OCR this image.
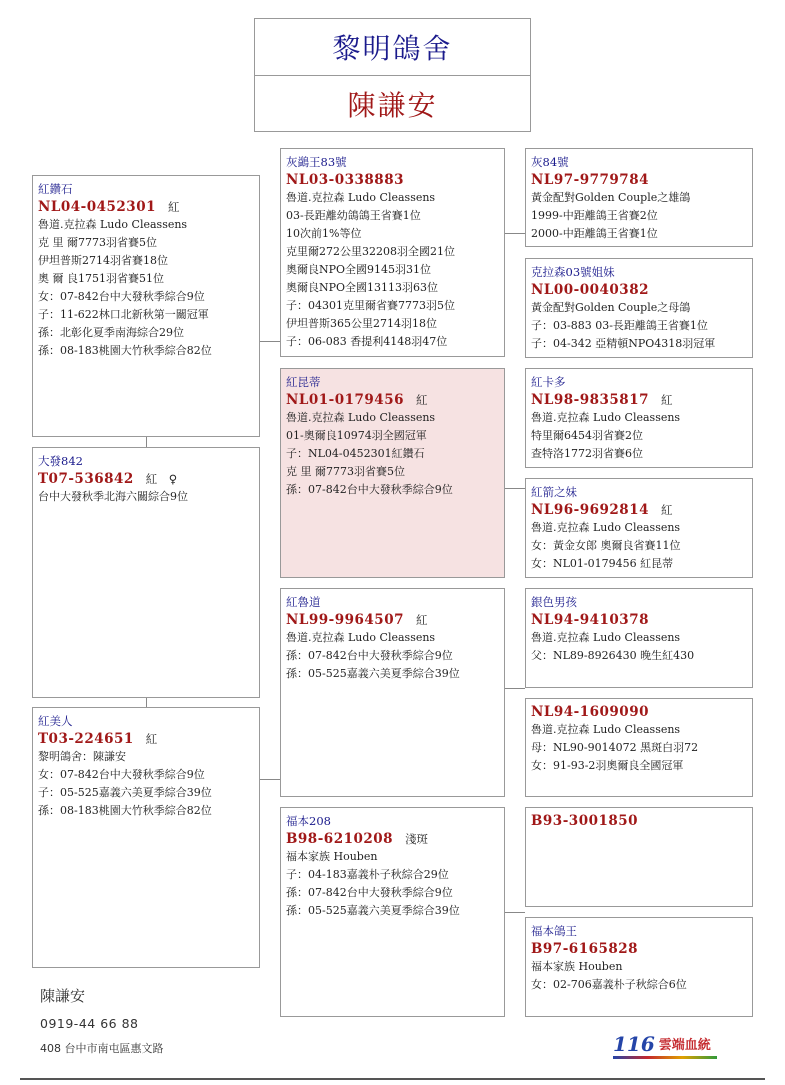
黎明鴿舍
陳謙安
紅鑽石
NL04-0452301 紅
魯道.克拉森 Ludo Cleassens
克 里 爾7773羽省賽5位
伊坦普斯2714羽省賽18位
奧 爾 良1751羽省賽51位
女：07-842台中大發秋季綜合9位
子：11-622林口北新秋第一關冠軍
孫：北彰化夏季南海綜合29位
孫：08-183桃園大竹秋季綜合82位
大發842
T07-536842 紅　♀
台中大發秋季北海六關綜合9位
紅美人
T03-224651 紅
黎明鴿舍：陳謙安
女：07-842台中大發秋季綜合9位
子：05-525嘉義六美夏季綜合39位
孫：08-183桃園大竹秋季綜合82位
灰鷁王83號
NL03-0338883
魯道.克拉森 Ludo Cleassens
03-長距離幼鴿鴿王省賽1位
10次前1%等位
克里爾272公里32208羽全國21位
奧爾良NPO全國9145羽31位
奧爾良NPO全國13113羽63位
子：04301克里爾省賽7773羽5位
伊坦普斯365公里2714羽18位
子：06-083 香提利4148羽47位
紅昆蒂
NL01-0179456 紅
魯道.克拉森 Ludo Cleassens
01-奧爾良10974羽全國冠軍
子：NL04-0452301紅鑽石
克 里 爾7773羽省賽5位
孫：07-842台中大發秋季綜合9位
紅魯道
NL99-9964507 紅
魯道.克拉森 Ludo Cleassens
孫：07-842台中大發秋季綜合9位
孫：05-525嘉義六美夏季綜合39位
福本208
B98-6210208 淺斑
福本家族 Houben
子：04-183嘉義朴子秋綜合29位
孫：07-842台中大發秋季綜合9位
孫：05-525嘉義六美夏季綜合39位
灰84號
NL97-9779784
黃金配對Golden Couple之雄鴿
1999-中距離鴿王省賽2位
2000-中距離鴿王省賽1位
克拉森03號姐妹
NL00-0040382
黃金配對Golden Couple之母鴿
子：03-883 03-長距離鴿王省賽1位
子：04-342 亞精頓NPO4318羽冠軍
紅卡多
NL98-9835817 紅
魯道.克拉森 Ludo Cleassens
特里爾6454羽省賽2位
查特洛1772羽省賽6位
紅箭之妹
NL96-9692814 紅
魯道.克拉森 Ludo Cleassens
女：黃金女郎 奧爾良省賽11位
女：NL01-0179456 紅昆蒂
銀色男孩
NL94-9410378
魯道.克拉森 Ludo Cleassens
父：NL89-8926430 晚生紅430
NL94-1609090
魯道.克拉森 Ludo Cleassens
母：NL90-9014072 黑斑白羽72
女：91-93-2羽奧爾良全國冠軍
B93-3001850
福本鴿王
B97-6165828
福本家族 Houben
女：02-706嘉義朴子秋綜合6位
陳謙安
0919-44 66 88
408 台中市南屯區惠文路	116 雲端血統
